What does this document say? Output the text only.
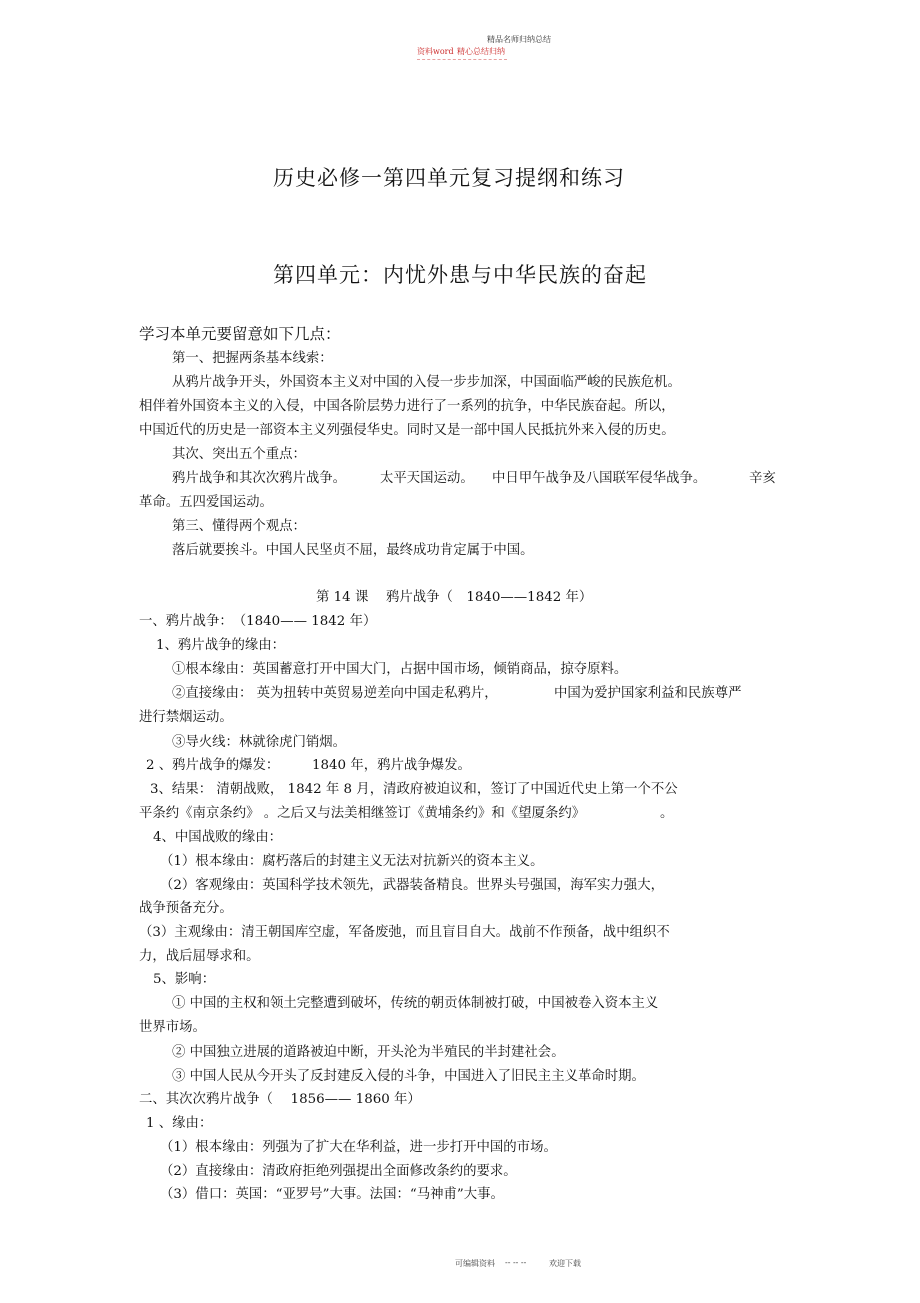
精品名师归纳总结
资料word 精心总结归纳
历史必修一第四单元复习提纲和练习
第四单元：内忧外患与中华民族的奋起
学习本单元要留意如下几点：
第一、把握两条基本线索：
从鸦片战争开头，外国资本主义对中国的入侵一步步加深，中国面临严峻的民族危机。
相伴着外国资本主义的入侵，中国各阶层势力进行了一系列的抗争，中华民族奋起。所以，
中国近代的历史是一部资本主义列强侵华史。同时又是一部中国人民抵抗外来入侵的历史。
其次、突出五个重点：
鸦片战争和其次次鸦片战争。	太平天国运动。 中日甲午战争及八国联军侵华战争。	辛亥
革命。五四爱国运动。
第三、懂得两个观点：
落后就要挨斗。中国人民坚贞不屈，最终成功肯定属于中国。
第 14 课　 鸦片战争（　1840——1842 年）
一、鸦片战争：　（1840—— 1842 年）
1、鸦片战争的缘由：
①根本缘由：英国蓄意打开中国大门，占据中国市场，倾销商品，掠夺原料。
②直接缘由： 英为扭转中英贸易逆差向中国走私鸦片，	中国为爱护国家利益和民族尊严
进行禁烟运动。
③导火线：林就徐虎门销烟。
2 、鸦片战争的爆发： 1840 年，鸦片战争爆发。
3、结果： 清朝战败， 1842 年 8 月，清政府被迫议和，签订了中国近代史上第一个不公
平条约《南京条约》 。之后又与法美相继签订《黄埔条约》和《望厦条约》	。
4、中国战败的缘由：
（1）根本缘由：腐朽落后的封建主义无法对抗新兴的资本主义。
（2）客观缘由：英国科学技术领先，武器装备精良。世界头号强国，海军实力强大，
战争预备充分。
（3）主观缘由：清王朝国库空虚，军备废弛，而且盲目自大。战前不作预备，战中组织不
力，战后屈辱求和。
5、影响：
① 中国的主权和领土完整遭到破坏，传统的朝贡体制被打破，中国被卷入资本主义
世界市场。
② 中国独立进展的道路被迫中断，开头沦为半殖民的半封建社会。
③ 中国人民从今开头了反封建反入侵的斗争，中国进入了旧民主主义革命时期。
二、其次次鸦片战争（　 1856—— 1860 年）
1 、缘由：
（1）根本缘由：列强为了扩大在华利益，进一步打开中国的市场。
（2）直接缘由：清政府拒绝列强提出全面修改条约的要求。
（3）借口：英国：“亚罗号”大事。法国：“马神甫”大事。
可编辑资料 -- -- --	欢迎下载
